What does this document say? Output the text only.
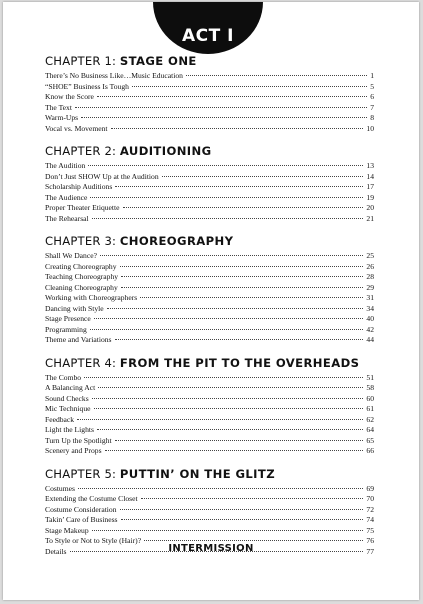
ACT I
CHAPTER 1: STAGE ONE
There’s No Business Like…Music Education	1
“SHOE” Business Is Tough	5
Know the Score	6
The Text	7
Warm-Ups	8
Vocal vs. Movement	10
CHAPTER 2: AUDITIONING
The Audition	13
Don’t Just SHOW Up at the Audition	14
Scholarship Auditions	17
The Audience	19
Proper Theater Etiquette	20
The Rehearsal	21
CHAPTER 3: CHOREOGRAPHY
Shall We Dance?	25
Creating Choreography	26
Teaching Choreography	28
Cleaning Choreography	29
Working with Choreographers	31
Dancing with Style	34
Stage Presence	40
Programming	42
Theme and Variations	44
CHAPTER 4: FROM THE PIT TO THE OVERHEADS
The Combo	51
A Balancing Act	58
Sound Checks	60
Mic Technique	61
Feedback	62
Light the Lights	64
Turn Up the Spotlight	65
Scenery and Props	66
CHAPTER 5: PUTTIN’ ON THE GLITZ
Costumes	69
Extending the Costume Closet	70
Costume Consideration	72
Takin’ Care of Business	74
Stage Makeup	75
To Style or Not to Style (Hair)?	76
Details	77
INTERMISSION
